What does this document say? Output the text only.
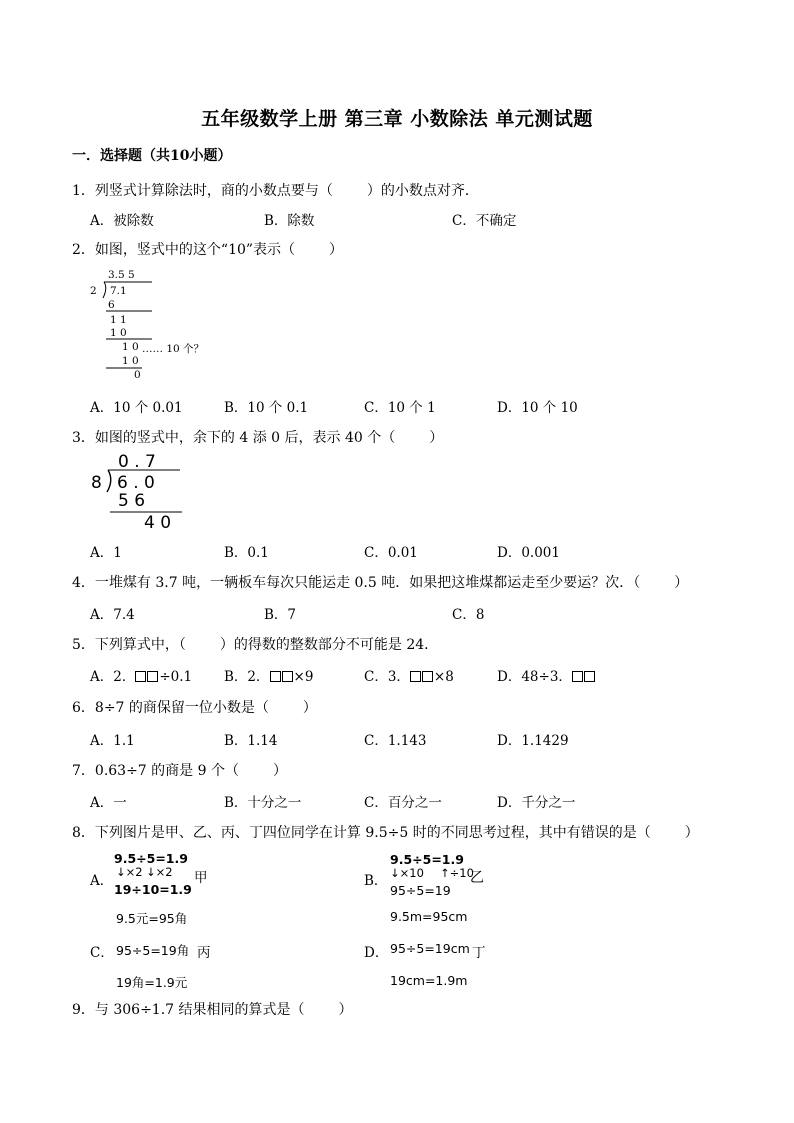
五年级数学上册 第三章 小数除法 单元测试题
一．选择题（共10小题）
1．列竖式计算除法时，商的小数点要与（ ）的小数点对齐．
A．被除数	B．除数	C．不确定
2．如图，竖式中的这个“10”表示（ ）
3.5 5
2 7.1
6
1 1
1 0
1 0 …… 10 个？
1 0
0
A．10 个 0.01	B．10 个 0.1	C．10 个 1	D．10 个 10
3．如图的竖式中，余下的 4 添 0 后，表示 40 个（ ）
0 . 7
8 6 . 0
5 6
4 0
A．1	B．0.1	C．0.01	D．0.001
4．一堆煤有 3.7 吨，一辆板车每次只能运走 0.5 吨．如果把这堆煤都运走至少要运？次．（ ）
A．7.4	B．7	C．8
5．下列算式中，（ ）的得数的整数部分不可能是 24．
A．2． ÷0.1 B．2． ×9	C．3． ×8	D．48÷3．
6．8÷7 的商保留一位小数是（ ）
A．1.1	B．1.14	C．1.143	D．1.1429
7．0.63÷7 的商是 9 个（ ）
A．一	B．十分之一	C．百分之一	D．千分之一
8．下列图片是甲、乙、丙、丁四位同学在计算 9.5÷5 时的不同思考过程，其中有错误的是（ ）
A．
9.5÷5=1.9
↓×2 ↓×2
19÷10=1.9
甲
9.5元=95角
B．
9.5÷5=1.9
↓×10 ↑÷10
95÷5=19
乙
9.5m=95cm
C． 95÷5=19角 丙
19角=1.9元
D． 95÷5=19cm 丁
19cm=1.9m
9．与 306÷1.7 结果相同的算式是（ ）
